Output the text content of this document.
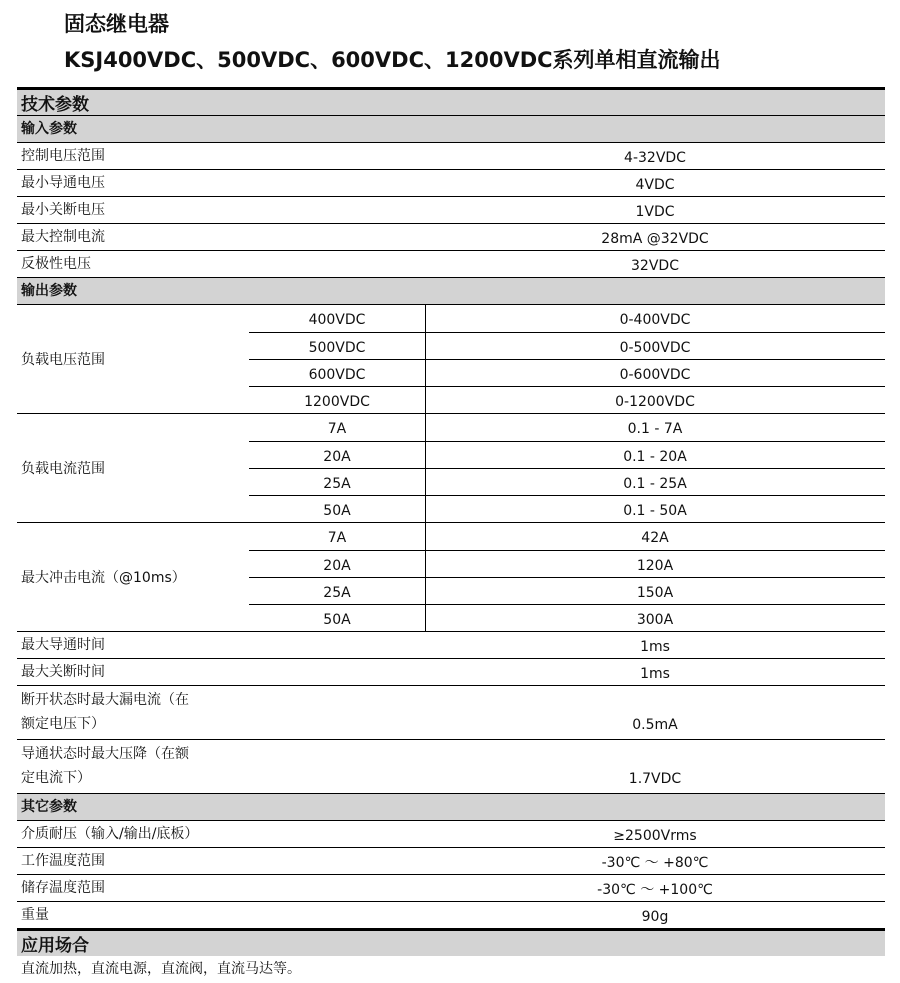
固态继电器
KSJ400VDC、500VDC、600VDC、1200VDC系列单相直流输出
技术参数
输入参数
控制电压范围	4-32VDC
最小导通电压	4VDC
最小关断电压	1VDC
最大控制电流	28mA @32VDC
反极性电压	32VDC
输出参数
负载电压范围
400VDC	0-400VDC
500VDC	0-500VDC
600VDC	0-600VDC
1200VDC	0-1200VDC
负载电流范围
7A	0.1 - 7A
20A	0.1 - 20A
25A	0.1 - 25A
50A	0.1 - 50A
最大冲击电流（@10ms）
7A	42A
20A	120A
25A	150A
50A	300A
最大导通时间	1ms
最大关断时间	1ms
断开状态时最大漏电流（在
额定电压下）	0.5mA
导通状态时最大压降（在额
定电流下）	1.7VDC
其它参数
介质耐压（输入/输出/底板）	≥2500Vrms
工作温度范围	-30℃ ～ +80℃
储存温度范围	-30℃ ～ +100℃
重量	90g
应用场合
直流加热，直流电源，直流阀，直流马达等。
